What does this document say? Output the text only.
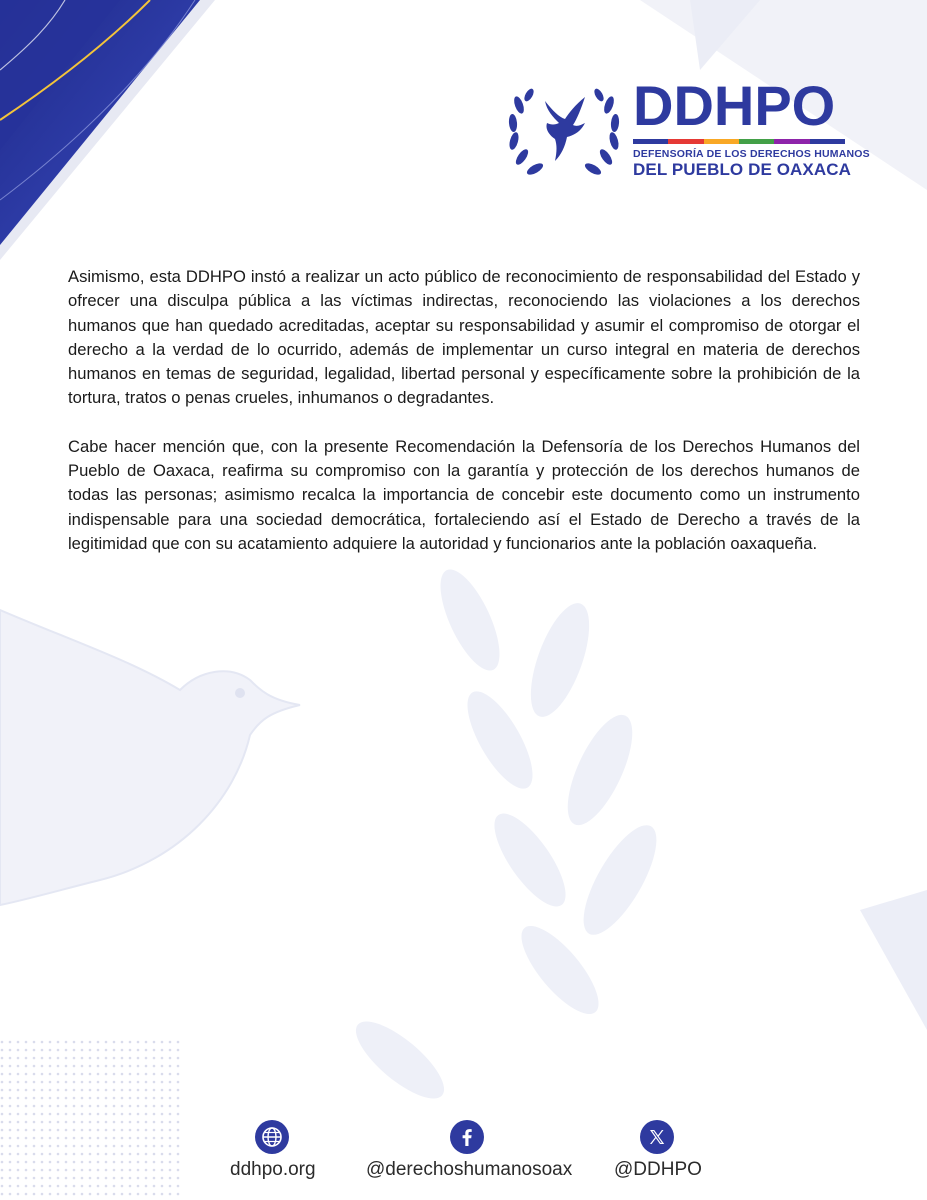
DDHPO
DEFENSORÍA DE LOS DERECHOS HUMANOS
DEL PUEBLO DE OAXACA

Asimismo, esta DDHPO instó a realizar un acto público de reconocimiento de responsabilidad del Estado y ofrecer una disculpa pública a las víctimas indirectas, reconociendo las violaciones a los derechos humanos que han quedado acreditadas, aceptar su responsabilidad y asumir el compromiso de otorgar el derecho a la verdad de lo ocurrido, además de implementar un curso integral en materia de derechos humanos en temas de seguridad, legalidad, libertad personal y específicamente sobre la prohibición de la tortura, tratos o penas crueles, inhumanos o degradantes.

Cabe hacer mención que, con la presente Recomendación la Defensoría de los Derechos Humanos del Pueblo de Oaxaca, reafirma su compromiso con la garantía y protección de los derechos humanos de todas las personas; asimismo recalca la importancia de concebir este documento como un instrumento indispensable para una sociedad democrática, fortaleciendo así el Estado de Derecho a través de la legitimidad que con su acatamiento adquiere la autoridad y funcionarios ante la población oaxaqueña.

ddhpo.org	@derechoshumanosoax @DDHPO
